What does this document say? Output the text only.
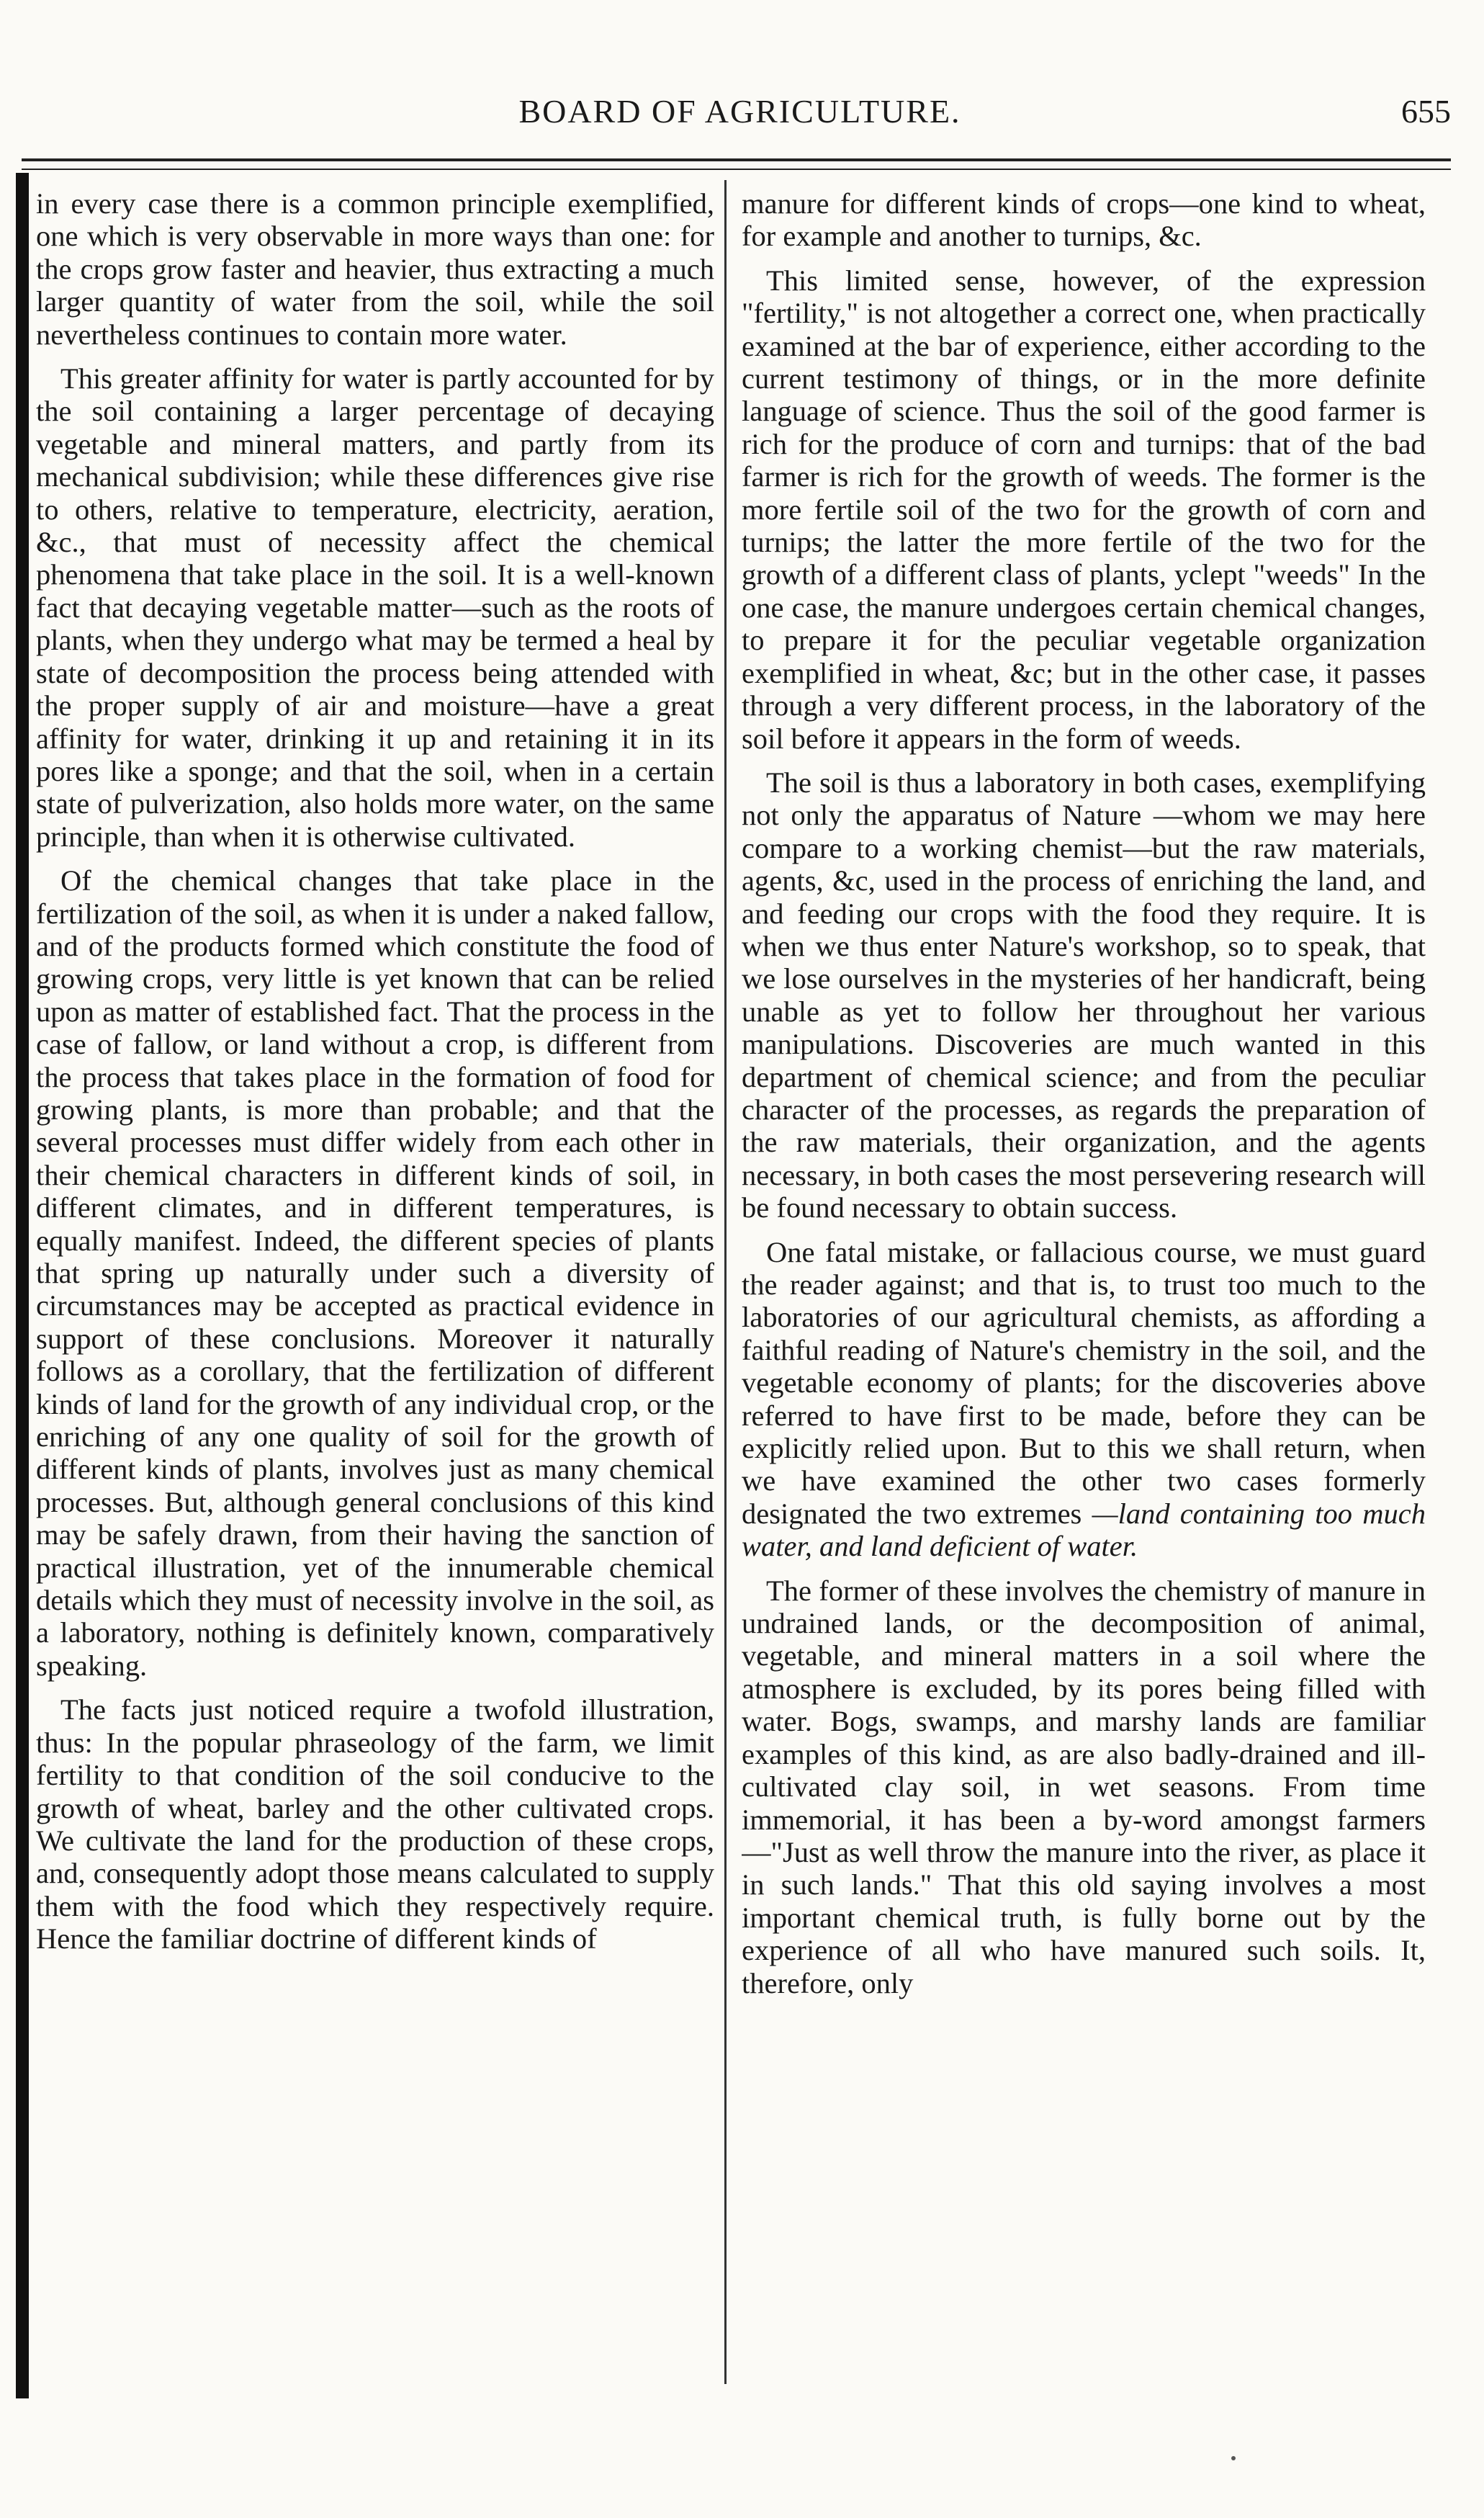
BOARD OF AGRICULTURE.	655

in every case there is a common principle exemplified, one which is very observable in more ways than one: for the crops grow faster and heavier, thus extracting a much larger quantity of water from the soil, while the soil nevertheless continues to contain more water.

This greater affinity for water is partly accounted for by the soil containing a larger percentage of decaying vegetable and mineral matters, and partly from its mechanical subdivision; while these differences give rise to others, relative to temperature, electricity, aeration, &c., that must of necessity affect the chemical phenomena that take place in the soil. It is a well-known fact that decaying vegetable matter—such as the roots of plants, when they undergo what may be termed a heal by state of decomposition the process being attended with the proper supply of air and moisture—have a great affinity for water, drinking it up and retaining it in its pores like a sponge; and that the soil, when in a certain state of pulverization, also holds more water, on the same principle, than when it is otherwise cultivated.

Of the chemical changes that take place in the fertilization of the soil, as when it is under a naked fallow, and of the products formed which constitute the food of growing crops, very little is yet known that can be relied upon as matter of established fact. That the process in the case of fallow, or land without a crop, is different from the process that takes place in the formation of food for growing plants, is more than probable; and that the several processes must differ widely from each other in their chemical characters in different kinds of soil, in different climates, and in different temperatures, is equally manifest. Indeed, the different species of plants that spring up naturally under such a diversity of circumstances may be accepted as practical evidence in support of these conclusions. Moreover it naturally follows as a corollary, that the fertilization of different kinds of land for the growth of any individual crop, or the enriching of any one quality of soil for the growth of different kinds of plants, involves just as many chemical processes. But, although general conclusions of this kind may be safely drawn, from their having the sanction of practical illustration, yet of the innumerable chemical details which they must of necessity involve in the soil, as a laboratory, nothing is definitely known, comparatively speaking.

The facts just noticed require a twofold illustration, thus: In the popular phraseology of the farm, we limit fertility to that condition of the soil conducive to the growth of wheat, barley and the other cultivated crops. We cultivate the land for the production of these crops, and, consequently adopt those means calculated to supply them with the food which they respectively require. Hence the familiar doctrine of different kinds of

manure for different kinds of crops—one kind to wheat, for example and another to turnips, &c.

This limited sense, however, of the expression "fertility," is not altogether a correct one, when practically examined at the bar of experience, either according to the current testimony of things, or in the more definite language of science. Thus the soil of the good farmer is rich for the produce of corn and turnips: that of the bad farmer is rich for the growth of weeds. The former is the more fertile soil of the two for the growth of corn and turnips; the latter the more fertile of the two for the growth of a different class of plants, yclept "weeds" In the one case, the manure undergoes certain chemical changes, to prepare it for the peculiar vegetable organization exemplified in wheat, &c; but in the other case, it passes through a very different process, in the laboratory of the soil before it appears in the form of weeds.

The soil is thus a laboratory in both cases, exemplifying not only the apparatus of Nature —whom we may here compare to a working chemist—but the raw materials, agents, &c, used in the process of enriching the land, and and feeding our crops with the food they require. It is when we thus enter Nature's workshop, so to speak, that we lose ourselves in the mysteries of her handicraft, being unable as yet to follow her throughout her various manipulations. Discoveries are much wanted in this department of chemical science; and from the peculiar character of the processes, as regards the preparation of the raw materials, their organization, and the agents necessary, in both cases the most persevering research will be found necessary to obtain success.

One fatal mistake, or fallacious course, we must guard the reader against; and that is, to trust too much to the laboratories of our agricultural chemists, as affording a faithful reading of Nature's chemistry in the soil, and the vegetable economy of plants; for the discoveries above referred to have first to be made, before they can be explicitly relied upon. But to this we shall return, when we have examined the other two cases formerly designated the two extremes —land containing too much water, and land deficient of water.

The former of these involves the chemistry of manure in undrained lands, or the decomposition of animal, vegetable, and mineral matters in a soil where the atmosphere is excluded, by its pores being filled with water. Bogs, swamps, and marshy lands are familiar examples of this kind, as are also badly-drained and ill-cultivated clay soil, in wet seasons. From time immemorial, it has been a by-word amongst farmers—"Just as well throw the manure into the river, as place it in such lands." That this old saying involves a most important chemical truth, is fully borne out by the experience of all who have manured such soils. It, therefore, only
